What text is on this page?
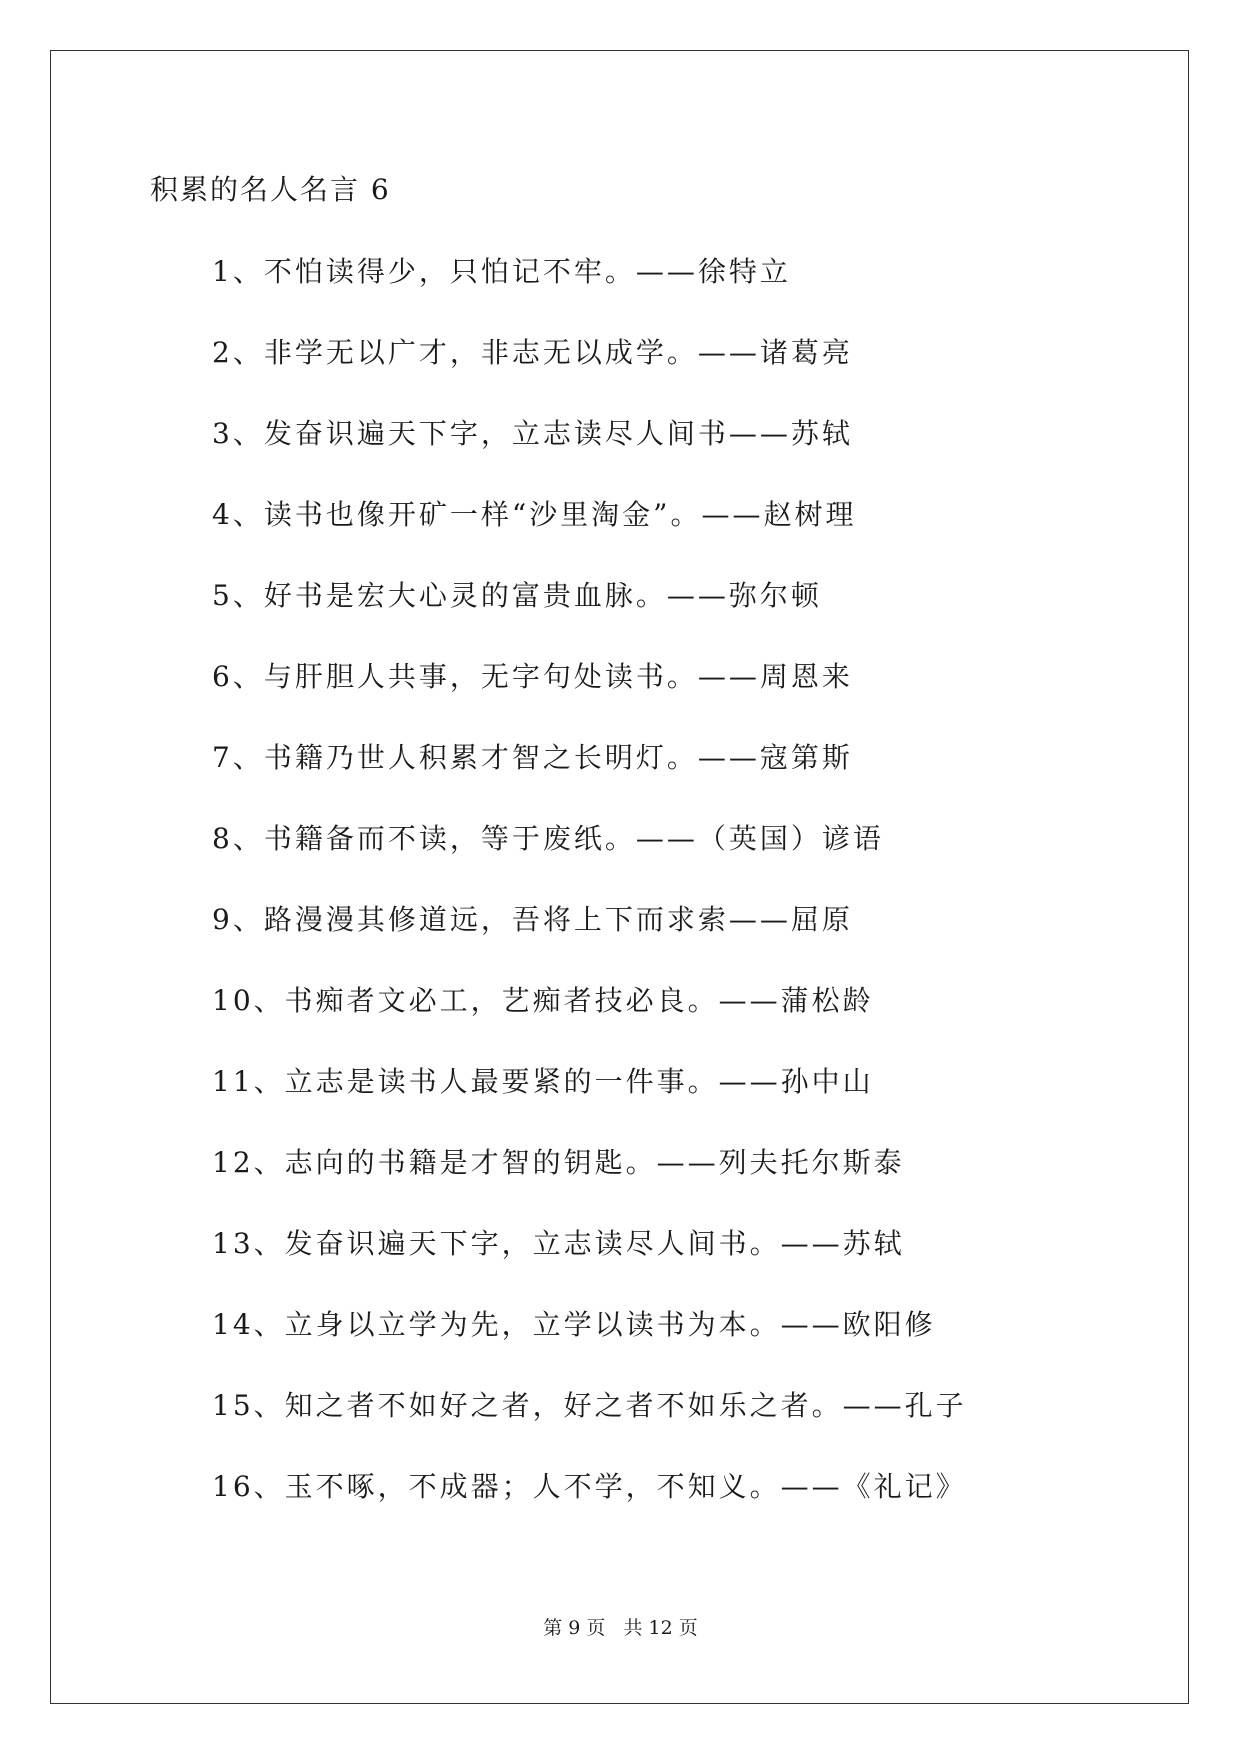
积累的名人名言 6
1、不怕读得少，只怕记不牢。——徐特立
2、非学无以广才，非志无以成学。——诸葛亮
3、发奋识遍天下字，立志读尽人间书——苏轼
4、读书也像开矿一样“沙里淘金”。——赵树理
5、好书是宏大心灵的富贵血脉。——弥尔顿
6、与肝胆人共事，无字句处读书。——周恩来
7、书籍乃世人积累才智之长明灯。——寇第斯
8、书籍备而不读，等于废纸。——（英国）谚语
9、路漫漫其修道远，吾将上下而求索——屈原
10、书痴者文必工，艺痴者技必良。——蒲松龄
11、立志是读书人最要紧的一件事。——孙中山
12、志向的书籍是才智的钥匙。——列夫托尔斯泰
13、发奋识遍天下字，立志读尽人间书。——苏轼
14、立身以立学为先，立学以读书为本。——欧阳修
15、知之者不如好之者，好之者不如乐之者。——孔子
16、玉不啄，不成器；人不学，不知义。——《礼记》
第 9 页   共 12 页
